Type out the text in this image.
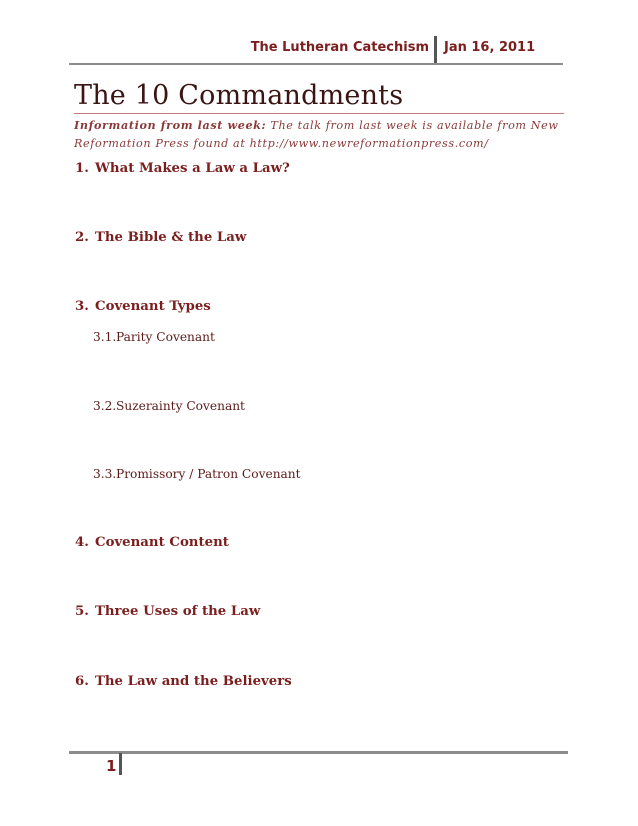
The Lutheran Catechism Jan 16, 2011
The 10 Commandments
Information from last week: The talk from last week is available from New Reformation Press found at http://www.newreformationpress.com/
1. What Makes a Law a Law?
2. The Bible & the Law
3. Covenant Types
3.1.Parity Covenant
3.2.Suzerainty Covenant
3.3.Promissory / Patron Covenant
4. Covenant Content
5. Three Uses of the Law
6. The Law and the Believers
1
